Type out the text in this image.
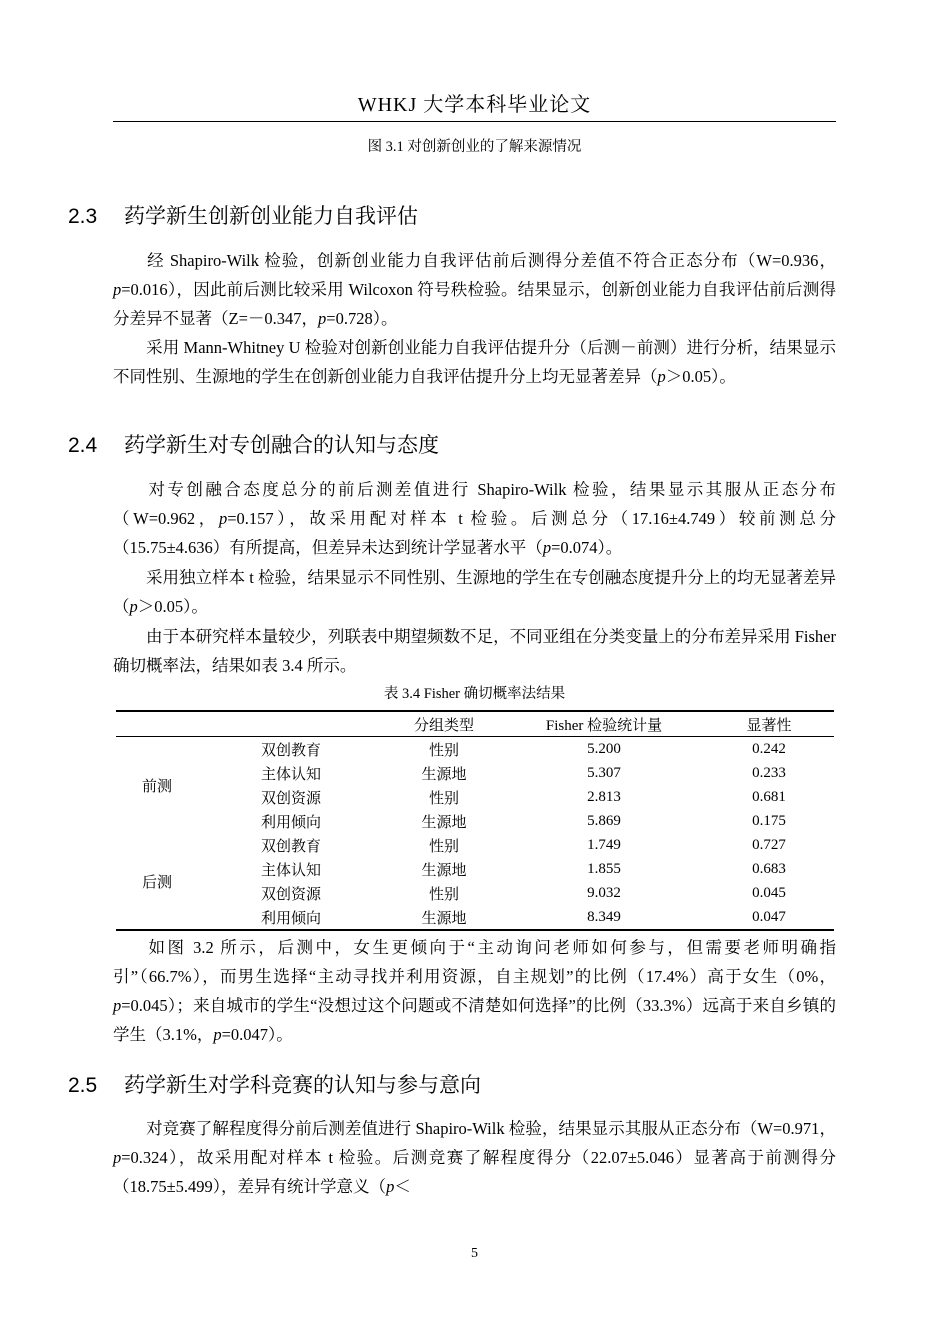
WHKJ 大学本科毕业论文
图 3.1 对创新创业的了解来源情况
2.3 药学新生创新创业能力自我评估
经 Shapiro-Wilk 检验，创新创业能力自我评估前后测得分差值不符合正态分布（W=0.936，p=0.016），因此前后测比较采用 Wilcoxon 符号秩检验。结果显示，创新创业能力自我评估前后测得分差异不显著（Z=－0.347，p=0.728）。
采用 Mann-Whitney U 检验对创新创业能力自我评估提升分（后测－前测）进行分析，结果显示不同性别、生源地的学生在创新创业能力自我评估提升分上均无显著差异（p＞0.05）。
2.4 药学新生对专创融合的认知与态度
对专创融合态度总分的前后测差值进行 Shapiro-Wilk 检验，结果显示其服从正态分布（W=0.962，p=0.157），故采用配对样本 t 检验。后测总分（17.16±4.749）较前测总分（15.75±4.636）有所提高，但差异未达到统计学显著水平（p=0.074）。
采用独立样本 t 检验，结果显示不同性别、生源地的学生在专创融态度提升分上的均无显著差异（p＞0.05）。
由于本研究样本量较少，列联表中期望频数不足，不同亚组在分类变量上的分布差异采用 Fisher 确切概率法，结果如表 3.4 所示。
表 3.4 Fisher 确切概率法结果
		分组类型	Fisher 检验统计量	显著性
前测	双创教育	性别	5.200	0.242
	主体认知	生源地	5.307	0.233
	双创资源	性别	2.813	0.681
	利用倾向	生源地	5.869	0.175
后测	双创教育	性别	1.749	0.727
	主体认知	生源地	1.855	0.683
	双创资源	性别	9.032	0.045
	利用倾向	生源地	8.349	0.047
如图 3.2 所示，后测中，女生更倾向于“主动询问老师如何参与，但需要老师明确指引”（66.7%），而男生选择“主动寻找并利用资源，自主规划”的比例（17.4%）高于女生（0%，p=0.045）；来自城市的学生“没想过这个问题或不清楚如何选择”的比例（33.3%）远高于来自乡镇的学生（3.1%，p=0.047）。
2.5 药学新生对学科竞赛的认知与参与意向
对竞赛了解程度得分前后测差值进行 Shapiro-Wilk 检验，结果显示其服从正态分布（W=0.971，p=0.324），故采用配对样本 t 检验。后测竞赛了解程度得分（22.07±5.046）显著高于前测得分（18.75±5.499），差异有统计学意义（p＜
5
